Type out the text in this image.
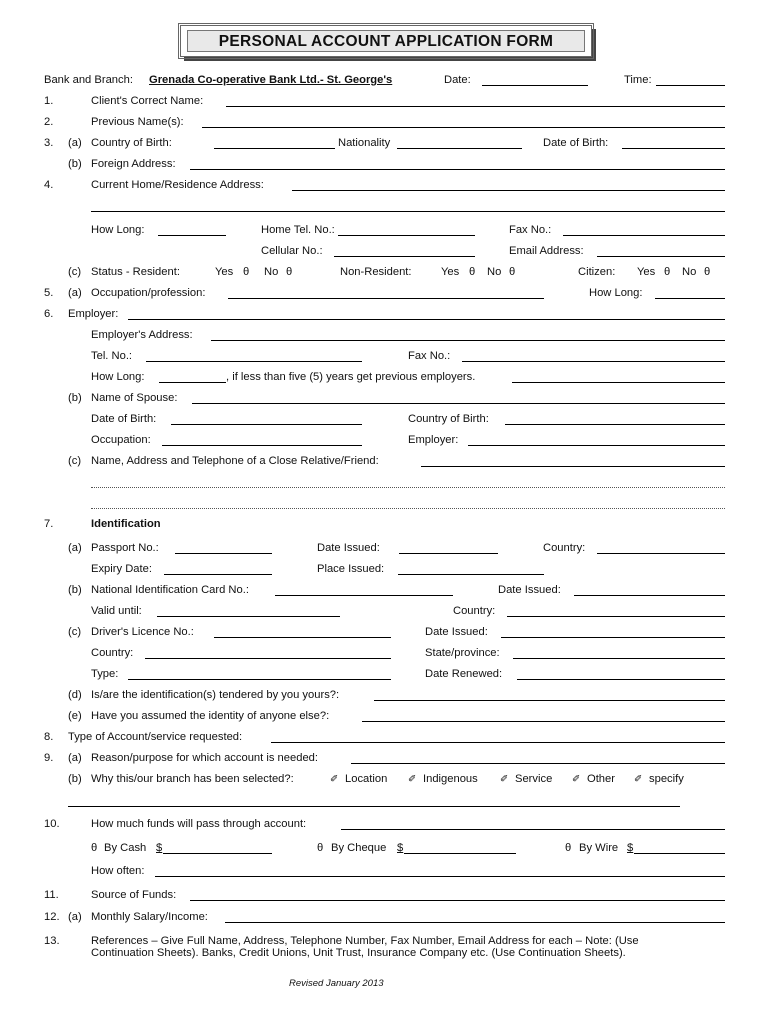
PERSONAL ACCOUNT APPLICATION FORM
Bank and Branch: Grenada Co-operative Bank Ltd.- St. George's	Date:	Time:
1.	Client's Correct Name:
2.	Previous Name(s):
3. (a) Country of Birth:	Nationality	Date of Birth:
(b) Foreign Address:
4.	Current Home/Residence Address:
How Long:	Home Tel. No.:	Fax No.:
Cellular No.:	Email Address:
(c) Status - Resident:	Yes θ No θ	Non-Resident:	Yes θ No θ	Citizen: Yes θ No θ
5. (a) Occupation/profession:	How Long:
6. Employer:
Employer's Address:
Tel. No.:	Fax No.:
How Long:	, if less than five (5) years get previous employers.
(b) Name of Spouse:
Date of Birth:	Country of Birth:
Occupation:	Employer:
(c) Name, Address and Telephone of a Close Relative/Friend:
7.	Identification
(a) Passport No.:	Date Issued:	Country:
Expiry Date:	Place Issued:
(b) National Identification Card No.:	Date Issued:
Valid until:	Country:
(c) Driver's Licence No.:	Date Issued:
Country:	State/province:
Type:	Date Renewed:
(d) Is/are the identification(s) tendered by you yours?:
(e) Have you assumed the identity of anyone else?:
8. Type of Account/service requested:
9. (a) Reason/purpose for which account is needed:
(b) Why this/our branch has been selected?:	✐ Location ✐ Indigenous ✐ Service ✐ Other ✐ specify
10.	How much funds will pass through account:
θ By Cash $	θ By Cheque $	θ By Wire $
How often:
11.	Source of Funds:
12. (a) Monthly Salary/Income:
13.	References – Give Full Name, Address, Telephone Number, Fax Number, Email Address for each – Note: (Use
Continuation Sheets). Banks, Credit Unions, Unit Trust, Insurance Company etc. (Use Continuation Sheets).
Revised January 2013
